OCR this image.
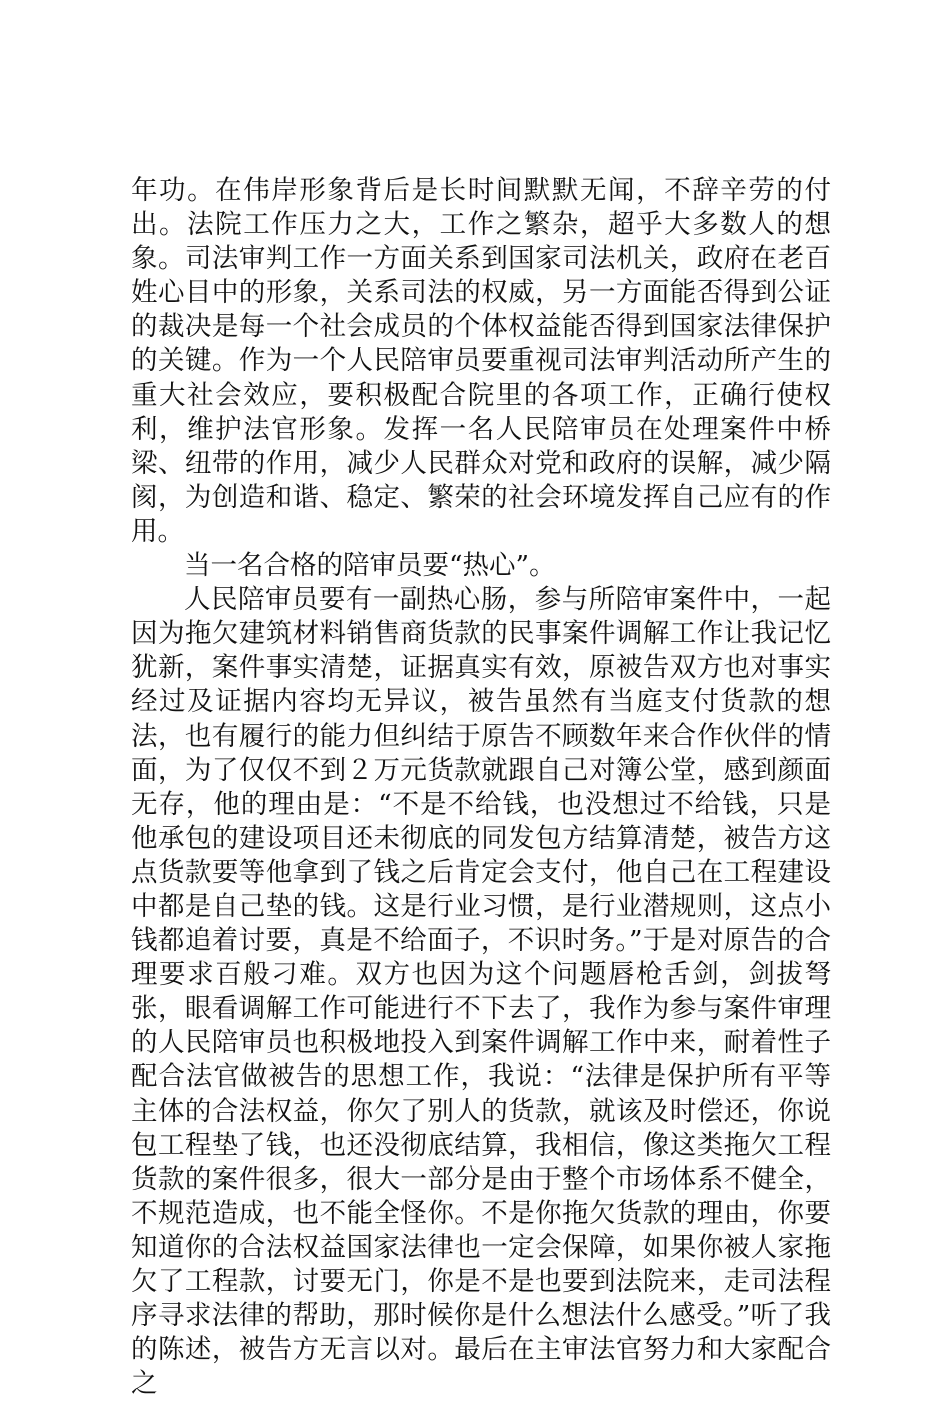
年功。在伟岸形象背后是长时间默默无闻，不辞辛劳的付出。法院工作压力之大，工作之繁杂，超乎大多数人的想象。司法审判工作一方面关系到国家司法机关，政府在老百姓心目中的形象，关系司法的权威，另一方面能否得到公证的裁决是每一个社会成员的个体权益能否得到国家法律保护的关键。作为一个人民陪审员要重视司法审判活动所产生的重大社会效应，要积极配合院里的各项工作，正确行使权利，维护法官形象。发挥一名人民陪审员在处理案件中桥梁、纽带的作用，减少人民群众对党和政府的误解，减少隔阂，为创造和谐、稳定、繁荣的社会环境发挥自己应有的作用。

当一名合格的陪审员要“热心”。

人民陪审员要有一副热心肠，参与所陪审案件中，一起因为拖欠建筑材料销售商货款的民事案件调解工作让我记忆犹新，案件事实清楚，证据真实有效，原被告双方也对事实经过及证据内容均无异议，被告虽然有当庭支付货款的想法，也有履行的能力但纠结于原告不顾数年来合作伙伴的情面，为了仅仅不到２万元货款就跟自己对簿公堂，感到颜面无存，他的理由是：“不是不给钱，也没想过不给钱，只是他承包的建设项目还未彻底的同发包方结算清楚，被告方这点货款要等他拿到了钱之后肯定会支付，他自己在工程建设中都是自己垫的钱。这是行业习惯，是行业潜规则，这点小钱都追着讨要，真是不给面子，不识时务。”于是对原告的合理要求百般刁难。双方也因为这个问题唇枪舌剑，剑拔弩张，眼看调解工作可能进行不下去了，我作为参与案件审理的人民陪审员也积极地投入到案件调解工作中来，耐着性子配合法官做被告的思想工作，我说：“法律是保护所有平等主体的合法权益，你欠了别人的货款，就该及时偿还，你说包工程垫了钱，也还没彻底结算，我相信，像这类拖欠工程货款的案件很多，很大一部分是由于整个市场体系不健全，不规范造成，也不能全怪你。不是你拖欠货款的理由，你要知道你的合法权益国家法律也一定会保障，如果你被人家拖欠了工程款，讨要无门，你是不是也要到法院来，走司法程序寻求法律的帮助，那时候你是什么想法什么感受。”听了我的陈述，被告方无言以对。最后在主审法官努力和大家配合之
